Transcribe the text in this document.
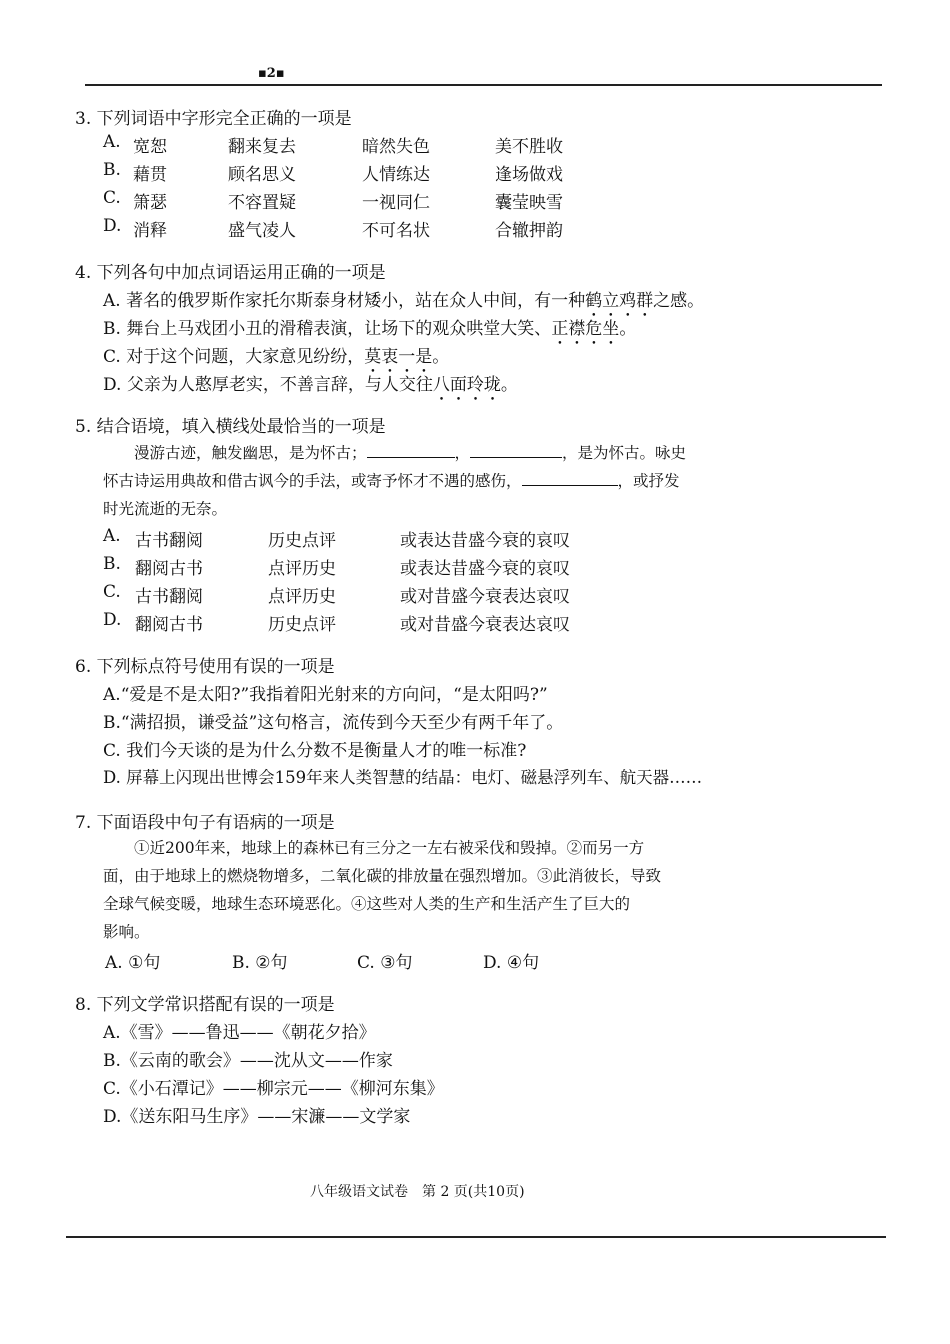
▪2▪
3. 下列词语中字形完全正确的一项是
A. 宽恕	翻来复去	暗然失色	美不胜收
B. 藉贯	顾名思义	人情练达	逢场做戏
C. 箫瑟	不容置疑	一视同仁	囊莹映雪
D. 消释	盛气凌人	不可名状	合辙押韵
4. 下列各句中加点词语运用正确的一项是
A. 著名的俄罗斯作家托尔斯泰身材矮小，站在众人中间，有一种鹤立鸡群之感。
B. 舞台上马戏团小丑的滑稽表演，让场下的观众哄堂大笑、正襟危坐。
C. 对于这个问题，大家意见纷纷，莫衷一是。
D. 父亲为人憨厚老实，不善言辞，与人交往八面玲珑。
5. 结合语境，填入横线处最恰当的一项是
漫游古迹，触发幽思，是为怀古；	，	，是为怀古。咏史
怀古诗运用典故和借古讽今的手法，或寄予怀才不遇的感伤，	，或抒发
时光流逝的无奈。
A. 古书翻阅	历史点评	或表达昔盛今衰的哀叹
B. 翻阅古书	点评历史	或表达昔盛今衰的哀叹
C. 古书翻阅	点评历史	或对昔盛今衰表达哀叹
D. 翻阅古书	历史点评	或对昔盛今衰表达哀叹
6. 下列标点符号使用有误的一项是
A.“爱是不是太阳?”我指着阳光射来的方向问，“是太阳吗?”
B.“满招损，谦受益”这句格言，流传到今天至少有两千年了。
C. 我们今天谈的是为什么分数不是衡量人才的唯一标准?
D. 屏幕上闪现出世博会159年来人类智慧的结晶：电灯、磁悬浮列车、航天器……
7. 下面语段中句子有语病的一项是
①近200年来，地球上的森林已有三分之一左右被采伐和毁掉。②而另一方
面，由于地球上的燃烧物增多，二氧化碳的排放量在强烈增加。③此消彼长，导致
全球气候变暖，地球生态环境恶化。④这些对人类的生产和生活产生了巨大的
影响。
A. ①句	B. ②句	C. ③句	D. ④句
8. 下列文学常识搭配有误的一项是
A.《雪》——鲁迅——《朝花夕拾》
B.《云南的歌会》——沈从文——作家
C.《小石潭记》——柳宗元——《柳河东集》
D.《送东阳马生序》——宋濂——文学家
八年级语文试卷　第 2 页(共10页)
